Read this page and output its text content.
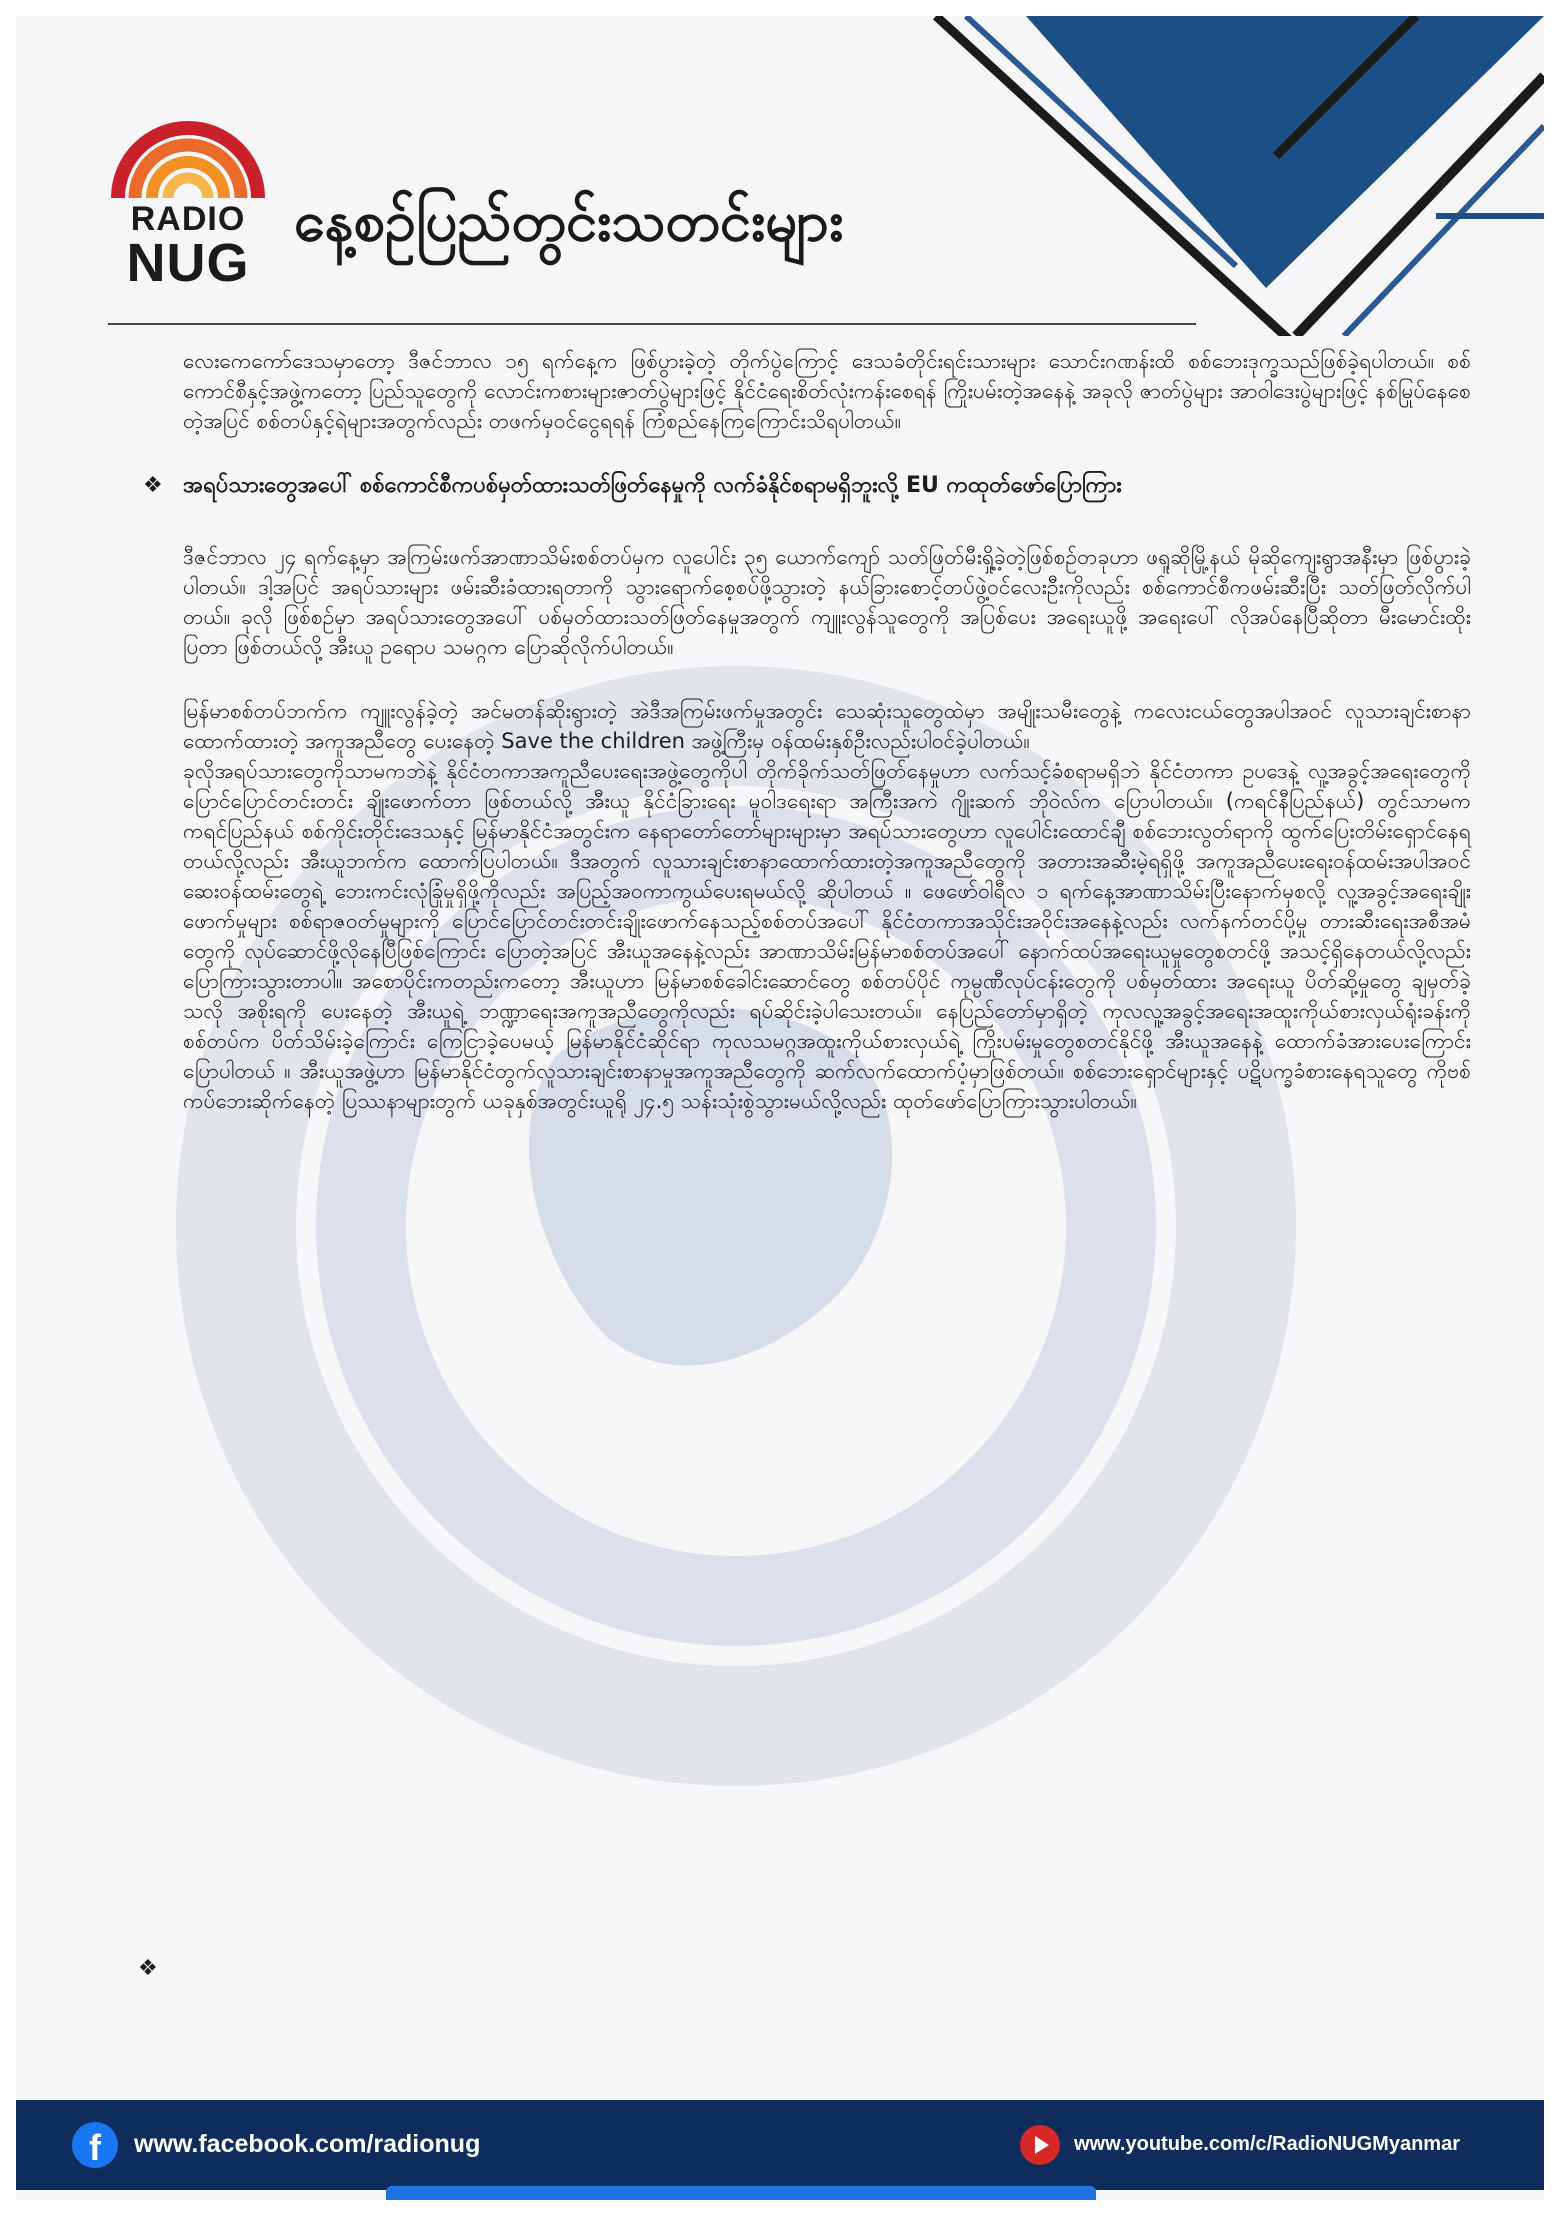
RADIO
NUG
နေ့စဉ်ပြည်တွင်းသတင်းများ

လေးကေကော်ဒေသမှာတော့ ဒီဇင်ဘာလ ၁၅ ရက်နေ့က ဖြစ်ပွားခဲ့တဲ့ တိုက်ပွဲကြောင့် ဒေသခံတိုင်းရင်းသားများ သောင်းဂဏန်းထိ စစ်ဘေးဒုက္ခသည်ဖြစ်ခဲ့ရပါတယ်။ စစ်ကောင်စီနှင့်အဖွဲ့ကတော့ ပြည်သူတွေကို လောင်းကစားများဇာတ်ပွဲများဖြင့် နိုင်ငံရေးစိတ်လုံးကန်းစေရန် ကြိုးပမ်းတဲ့အနေနဲ့ အခုလို ဇာတ်ပွဲများ အာဝါဒေးပွဲများဖြင့် နစ်မြုပ်နေစေတဲ့အပြင် စစ်တပ်နှင့်ရဲများအတွက်လည်း တဖက်မှဝင်ငွေရရန် ကြံစည်နေကြကြောင်းသိရပါတယ်။

❖ အရပ်သားတွေအပေါ် စစ်ကောင်စီကပစ်မှတ်ထားသတ်ဖြတ်နေမှုကို လက်ခံနိုင်စရာမရှိဘူးလို့ EU ကထုတ်ဖော်ပြောကြား

ဒီဇင်ဘာလ ၂၄ ရက်နေ့မှာ အကြမ်းဖက်အာဏာသိမ်းစစ်တပ်မှက လူပေါင်း ၃၅ ယောက်ကျော် သတ်ဖြတ်မီးရှို့ခဲ့တဲ့ဖြစ်စဉ်တခုဟာ ဖရူဆိုမြို့နယ် မိုဆိုကျေးရွာအနီးမှာ ဖြစ်ပွားခဲ့ပါတယ်။ ဒါ့အပြင် အရပ်သားများ ဖမ်းဆီးခံထားရတာကို သွားရောက်စေ့စပ်ဖို့သွားတဲ့ နယ်ခြားစောင့်တပ်ဖွဲ့ဝင်လေးဦးကိုလည်း စစ်ကောင်စီကဖမ်းဆီးပြီး သတ်ဖြတ်လိုက်ပါတယ်။ ခုလို ဖြစ်စဉ်မှာ အရပ်သားတွေအပေါ် ပစ်မှတ်ထားသတ်ဖြတ်နေမှုအတွက် ကျူးလွန်သူတွေကို အပြစ်ပေး အရေးယူဖို့ အရေးပေါ် လိုအပ်နေပြီဆိုတာ မီးမောင်းထိုးပြတာ ဖြစ်တယ်လို့ အီးယူ ဥရောပ သမဂ္ဂက ပြောဆိုလိုက်ပါတယ်။

မြန်မာစစ်တပ်ဘက်က ကျူးလွန်ခဲ့တဲ့ အင်မတန်ဆိုးရွားတဲ့ အဲဒီအကြမ်းဖက်မှုအတွင်း သေဆုံးသူတွေထဲမှာ အမျိုးသမီးတွေနဲ့ ကလေးငယ်တွေအပါအဝင် လူသားချင်းစာနာထောက်ထားတဲ့ အကူအညီတွေ ပေးနေတဲ့ Save the children အဖွဲ့ကြီးမှ ဝန်ထမ်းနှစ်ဦးလည်းပါဝင်ခဲ့ပါတယ်။

ခုလိုအရပ်သားတွေကိုသာမကဘဲနဲ့ နိုင်ငံတကာအကူညီပေးရေးအဖွဲ့တွေကိုပါ တိုက်ခိုက်သတ်ဖြတ်နေမှုဟာ လက်သင့်ခံစရာမရှိဘဲ နိုင်ငံတကာ ဥပဒေနဲ့ လူ့အခွင့်အရေးတွေကို ပြောင်ပြောင်တင်းတင်း ချိုးဖောက်တာ ဖြစ်တယ်လို့ အီးယူ နိုင်ငံခြားရေး မူဝါဒရေးရာ အကြီးအကဲ ဂျိုးဆက် ဘိုဝဲလ်က ပြောပါတယ်။ (ကရင်နီပြည်နယ်) တွင်သာမက ကရင်ပြည်နယ် စစ်ကိုင်းတိုင်းဒေသနှင့် မြန်မာနိုင်ငံအတွင်းက နေရာတော်တော်များများမှာ အရပ်သားတွေဟာ လူပေါင်းထောင်ချီ စစ်ဘေးလွတ်ရာကို ထွက်ပြေးတိမ်းရှောင်နေရတယ်လို့လည်း အီးယူဘက်က ထောက်ပြပါတယ်။ ဒီအတွက် လူသားချင်းစာနာထောက်ထားတဲ့အကူအညီတွေကို အတားအဆီးမဲ့ရရှိဖို့ အကူအညီပေးရေးဝန်ထမ်းအပါအဝင် ဆေးဝန်ထမ်းတွေရဲ့ ဘေးကင်းလုံခြုံမှုရှိဖို့ကိုလည်း အပြည့်အဝကာကွယ်ပေးရမယ်လို့ ဆိုပါတယ် ။ ဖေဖော်ဝါရီလ ၁ ရက်နေ့အာဏာသိမ်းပြီးနောက်မှစလို့ လူ့အခွင့်အရေးချိုးဖောက်မှုများ စစ်ရာဇဝတ်မှုများကို ပြောင်ပြောင်တင်းတင်းချိုးဖောက်နေသည့်စစ်တပ်အပေါ် နိုင်ငံတကာအသိုင်းအဝိုင်းအနေနဲ့လည်း လက်နက်တင်ပို့မှု တားဆီးရေးအစီအမံတွေကို လုပ်ဆောင်ဖို့လိုနေပြီဖြစ်ကြောင်း ပြောတဲ့အပြင် အီးယူအနေနဲ့လည်း အာဏာသိမ်းမြန်မာစစ်တပ်အပေါ် နောက်ထပ်အရေးယူမှုတွေစတင်ဖို့ အသင့်ရှိနေတယ်လို့လည်း ပြောကြားသွားတာပါ။ အစောပိုင်းကတည်းကတော့ အီးယူဟာ မြန်မာစစ်ခေါင်းဆောင်တွေ စစ်တပ်ပိုင် ကုမ္ပဏီလုပ်ငန်းတွေကို ပစ်မှတ်ထား အရေးယူ ပိတ်ဆို့မှုတွေ ချမှတ်ခဲ့သလို အစိုးရကို ပေးနေတဲ့ အီးယူရဲ့ ဘဏ္ဍာရေးအကူအညီတွေကိုလည်း ရပ်ဆိုင်းခဲ့ပါသေးတယ်။ နေပြည်တော်မှာရှိတဲ့ ကုလလူ့အခွင့်အရေးအထူးကိုယ်စားလှယ်ရုံးခန်းကို စစ်တပ်က ပိတ်သိမ်းခဲ့ကြောင်း ကြေငြာခဲ့ပေမယ့် မြန်မာနိုင်ငံဆိုင်ရာ ကုလသမဂ္ဂအထူးကိုယ်စားလှယ်ရဲ့ ကြိုးပမ်းမှုတွေစတင်နိုင်ဖို့ အီးယူအနေနဲ့ ထောက်ခံအားပေးကြောင်း ပြောပါတယ် ။ အီးယူအဖွဲ့ဟာ မြန်မာနိုင်ငံတွက်လူသားချင်းစာနာမှုအကူအညီတွေကို ဆက်လက်ထောက်ပံ့မှာဖြစ်တယ်။ စစ်ဘေးရှောင်များနှင့် ပဋိပက္ခခံစားနေရသူတွေ ကိုဗစ်ကပ်ဘေးဆိုက်နေတဲ့ ပြဿနာများတွက် ယခုနှစ်အတွင်းယူရို ၂၄.၅ သန်းသုံးစွဲသွားမယ်လို့လည်း ထုတ်ဖော်ပြောကြားသွားပါတယ်။

❖
f	www.facebook.com/radionug	www.youtube.com/c/RadioNUGMyanmar
